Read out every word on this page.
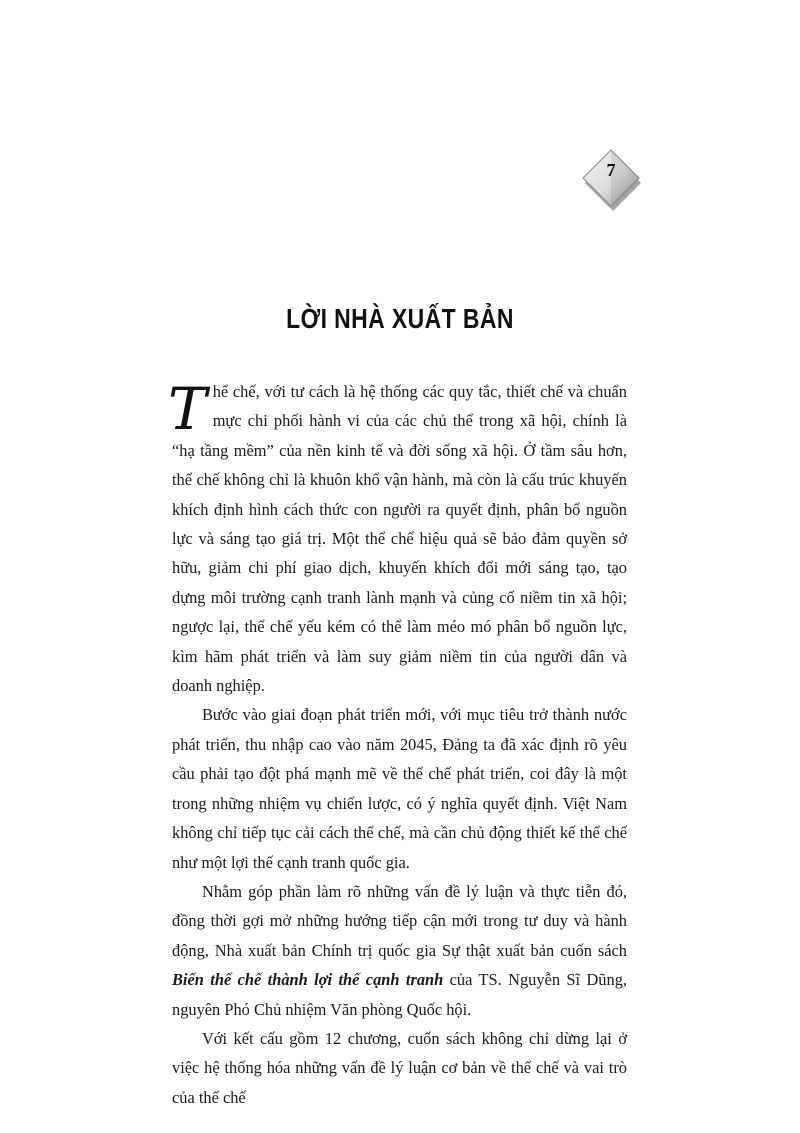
7
LỜI NHÀ XUẤT BẢN

Thể chế, với tư cách là hệ thống các quy tắc, thiết chế và chuẩn mực chi phối hành vi của các chủ thể trong xã hội, chính là “hạ tầng mềm” của nền kinh tế và đời sống xã hội. Ở tầm sâu hơn, thể chế không chỉ là khuôn khổ vận hành, mà còn là cấu trúc khuyến khích định hình cách thức con người ra quyết định, phân bổ nguồn lực và sáng tạo giá trị. Một thể chế hiệu quả sẽ bảo đảm quyền sở hữu, giảm chi phí giao dịch, khuyến khích đổi mới sáng tạo, tạo dựng môi trường cạnh tranh lành mạnh và củng cố niềm tin xã hội; ngược lại, thể chế yếu kém có thể làm méo mó phân bổ nguồn lực, kìm hãm phát triển và làm suy giảm niềm tin của người dân và doanh nghiệp.

Bước vào giai đoạn phát triển mới, với mục tiêu trở thành nước phát triển, thu nhập cao vào năm 2045, Đảng ta đã xác định rõ yêu cầu phải tạo đột phá mạnh mẽ về thể chế phát triển, coi đây là một trong những nhiệm vụ chiến lược, có ý nghĩa quyết định. Việt Nam không chỉ tiếp tục cải cách thể chế, mà cần chủ động thiết kế thể chế như một lợi thế cạnh tranh quốc gia.

Nhằm góp phần làm rõ những vấn đề lý luận và thực tiễn đó, đồng thời gợi mở những hướng tiếp cận mới trong tư duy và hành động, Nhà xuất bản Chính trị quốc gia Sự thật xuất bản cuốn sách Biến thể chế thành lợi thế cạnh tranh của TS. Nguyễn Sĩ Dũng, nguyên Phó Chủ nhiệm Văn phòng Quốc hội.

Với kết cấu gồm 12 chương, cuốn sách không chỉ dừng lại ở việc hệ thống hóa những vấn đề lý luận cơ bản về thể chế và vai trò của thể chế
